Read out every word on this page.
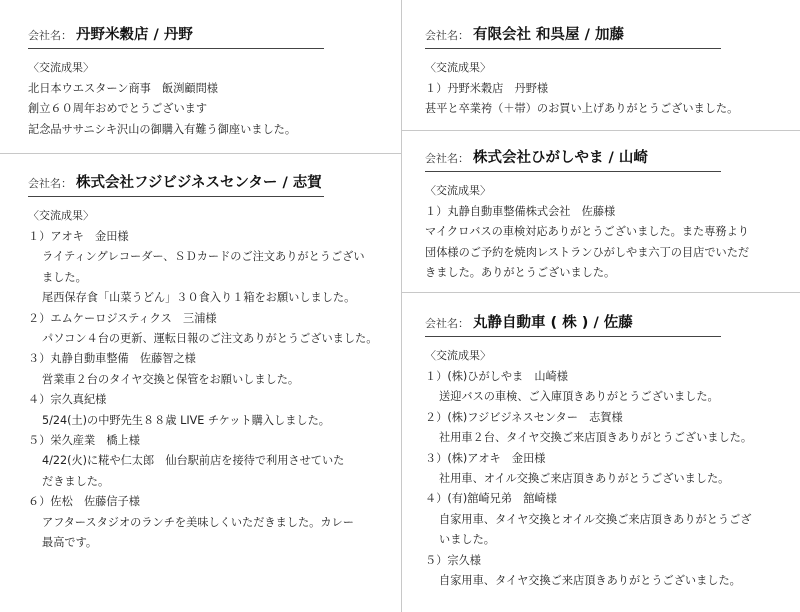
会社名： 丹野米穀店 / 丹野
〈交流成果〉
北日本ウエスターン商事　飯渕顧問様
創立６０周年おめでとうございます
記念品ササニシキ沢山の御購入有難う御座いました。
会社名： 株式会社フジビジネスセンター / 志賀
〈交流成果〉
１）アオキ　金田様
ライティングレコーダー、ＳＤカードのご注文ありがとうござい
ました。
尾西保存食「山菜うどん」３０食入り１箱をお願いしました。
２）エムケーロジスティクス　三浦様
パソコン４台の更新、運転日報のご注文ありがとうございました。
３）丸静自動車整備　佐藤智之様
営業車２台のタイヤ交換と保管をお願いしました。
４）宗久真紀様
5/24(土)の中野先生８８歳 LIVE チケット購入しました。
５）栄久産業　橋上様
4/22(火)に糀や仁太郎　仙台駅前店を接待で利用させていた
だきました。
６）佐松　佐藤信子様
アフタースタジオのランチを美味しくいただきました。カレー
最高です。
会社名： 有限会社 和呉屋 / 加藤
〈交流成果〉
１）丹野米穀店　丹野様
甚平と卒業袴（＋帯）のお買い上げありがとうございました。
会社名： 株式会社ひがしやま / 山崎
〈交流成果〉
１）丸静自動車整備株式会社　佐藤様
マイクロバスの車検対応ありがとうございました。また専務より
団体様のご予約を焼肉レストランひがしやま六丁の目店でいただ
きました。ありがとうございました。
会社名： 丸静自動車 ( 株 ) / 佐藤
〈交流成果〉
１）(株)ひがしやま　山崎様
送迎バスの車検、ご入庫頂きありがとうございました。
２）(株)フジビジネスセンター　志賀様
社用車２台、タイヤ交換ご来店頂きありがとうございました。
３）(株)アオキ　金田様
社用車、オイル交換ご来店頂きありがとうございました。
４）(有)舘崎兄弟　舘崎様
自家用車、タイヤ交換とオイル交換ご来店頂きありがとうござ
いました。
５）宗久様
自家用車、タイヤ交換ご来店頂きありがとうございました。
